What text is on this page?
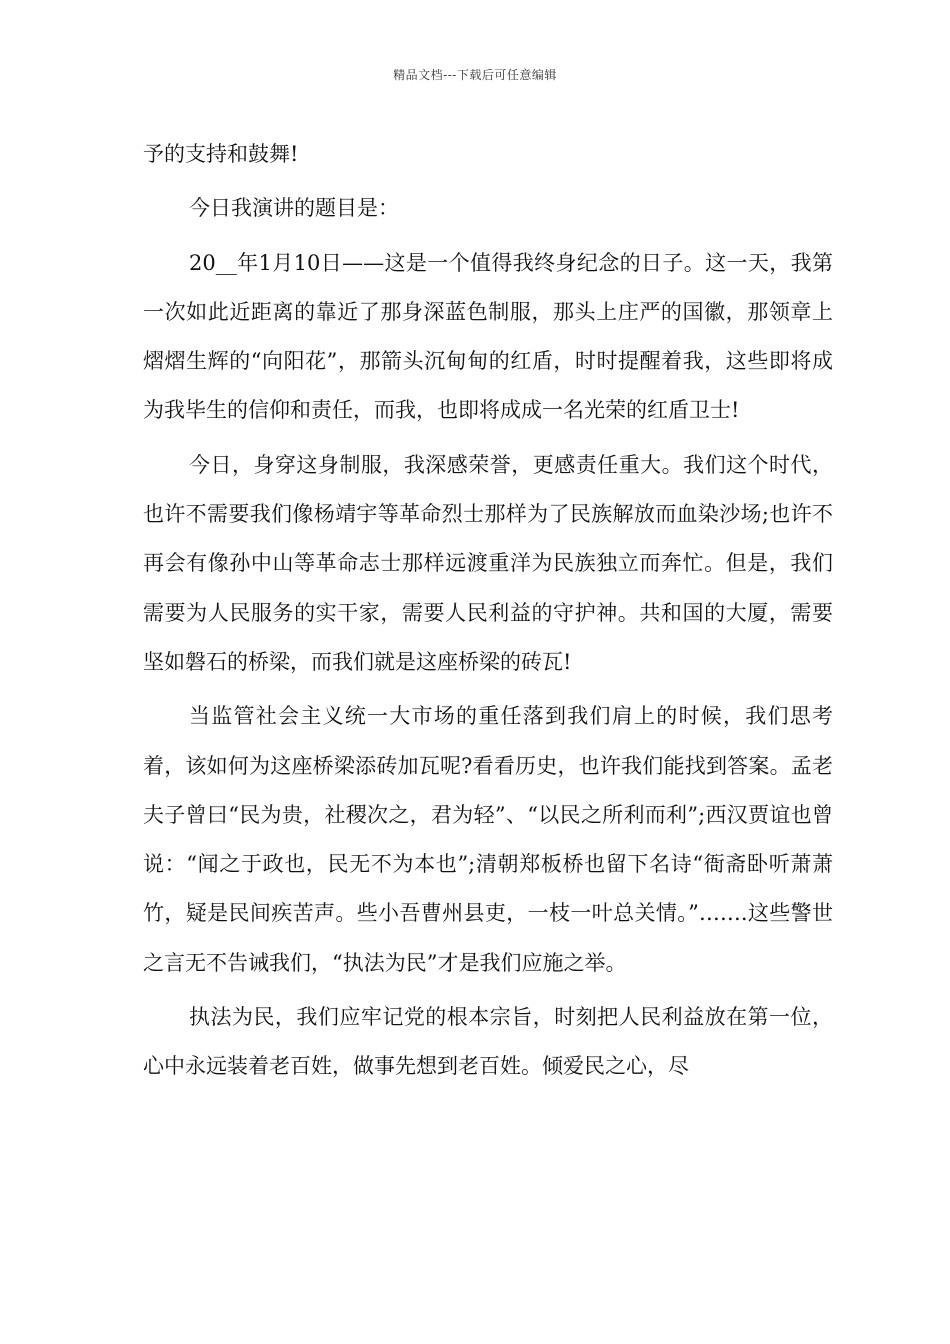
精品文档---下载后可任意编辑

予的支持和鼓舞!

今日我演讲的题目是：

20__年1月10日——这是一个值得我终身纪念的日子。这一天，我第一次如此近距离的靠近了那身深蓝色制服，那头上庄严的国徽，那领章上熠熠生辉的“向阳花”，那箭头沉甸甸的红盾，时时提醒着我，这些即将成为我毕生的信仰和责任，而我，也即将成成一名光荣的红盾卫士!

今日，身穿这身制服，我深感荣誉，更感责任重大。我们这个时代，也许不需要我们像杨靖宇等革命烈士那样为了民族解放而血染沙场;也许不再会有像孙中山等革命志士那样远渡重洋为民族独立而奔忙。但是，我们需要为人民服务的实干家，需要人民利益的守护神。共和国的大厦，需要坚如磐石的桥梁，而我们就是这座桥梁的砖瓦!

当监管社会主义统一大市场的重任落到我们肩上的时候，我们思考着，该如何为这座桥梁添砖加瓦呢?看看历史，也许我们能找到答案。孟老夫子曾曰“民为贵，社稷次之，君为轻”、“以民之所利而利”;西汉贾谊也曾说：“闻之于政也，民无不为本也”;清朝郑板桥也留下名诗“衙斋卧听萧萧竹，疑是民间疾苦声。些小吾曹州县吏，一枝一叶总关情。”…….这些警世之言无不告诫我们，“执法为民”才是我们应施之举。

执法为民，我们应牢记党的根本宗旨，时刻把人民利益放在第一位，心中永远装着老百姓，做事先想到老百姓。倾爱民之心，尽
